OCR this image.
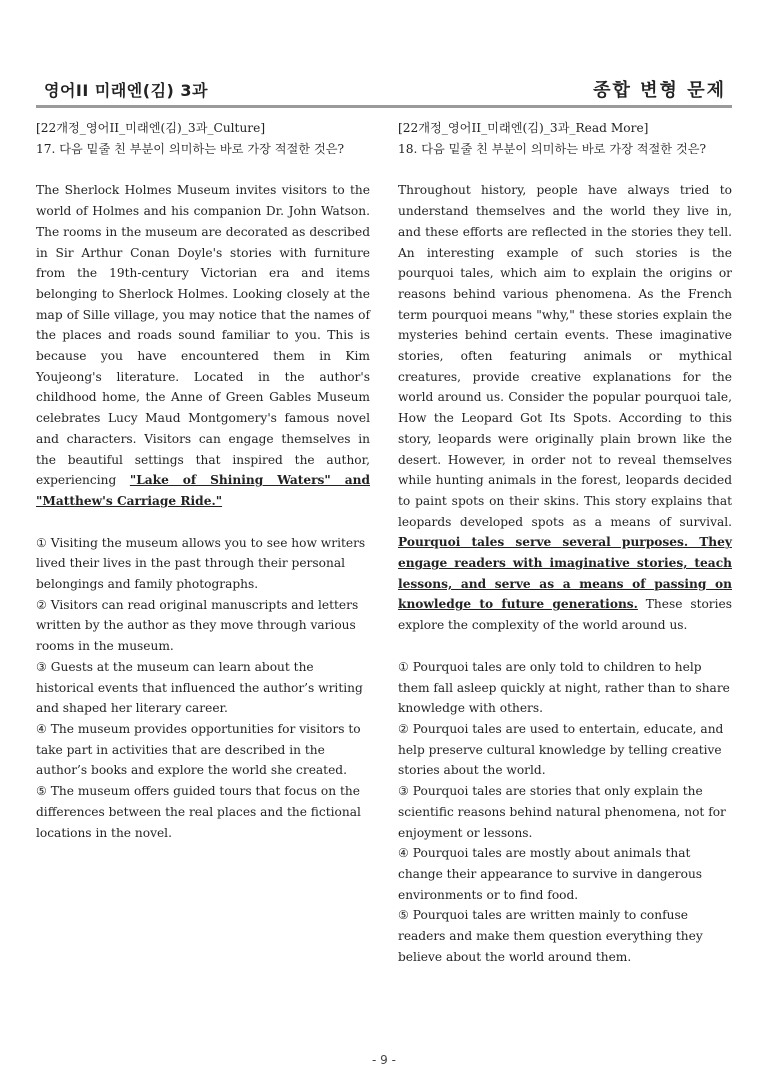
영어II 미래엔(김) 3과	종합 변형 문제

[22개정_영어II_미래엔(김)_3과_Culture]

17. 다음 밑줄 친 부분이 의미하는 바로 가장 적절한 것은?

The Sherlock Holmes Museum invites visitors to the world of Holmes and his companion Dr. John Watson. The rooms in the museum are decorated as described in Sir Arthur Conan Doyle's stories with furniture from the 19th-century Victorian era and items belonging to Sherlock Holmes. Looking closely at the map of Sille village, you may notice that the names of the places and roads sound familiar to you. This is because you have encountered them in Kim Youjeong's literature. Located in the author's childhood home, the Anne of Green Gables Museum celebrates Lucy Maud Montgomery's famous novel and characters. Visitors can engage themselves in the beautiful settings that inspired the author, experiencing "Lake of Shining Waters" and "Matthew's Carriage Ride."

① Visiting the museum allows you to see how writers lived their lives in the past through their personal belongings and family photographs.

② Visitors can read original manuscripts and letters written by the author as they move through various rooms in the museum.

③ Guests at the museum can learn about the historical events that influenced the author’s writing and shaped her literary career.

④ The museum provides opportunities for visitors to take part in activities that are described in the author’s books and explore the world she created.

⑤ The museum offers guided tours that focus on the differences between the real places and the fictional locations in the novel.

[22개정_영어II_미래엔(김)_3과_Read More]

18. 다음 밑줄 친 부분이 의미하는 바로 가장 적절한 것은?

Throughout history, people have always tried to understand themselves and the world they live in, and these efforts are reflected in the stories they tell. An interesting example of such stories is the pourquoi tales, which aim to explain the origins or reasons behind various phenomena. As the French term pourquoi means "why," these stories explain the mysteries behind certain events. These imaginative stories, often featuring animals or mythical creatures, provide creative explanations for the world around us. Consider the popular pourquoi tale, How the Leopard Got Its Spots. According to this story, leopards were originally plain brown like the desert. However, in order not to reveal themselves while hunting animals in the forest, leopards decided to paint spots on their skins. This story explains that leopards developed spots as a means of survival. Pourquoi tales serve several purposes. They engage readers with imaginative stories, teach lessons, and serve as a means of passing on knowledge to future generations. These stories explore the complexity of the world around us.

① Pourquoi tales are only told to children to help them fall asleep quickly at night, rather than to share knowledge with others.

② Pourquoi tales are used to entertain, educate, and help preserve cultural knowledge by telling creative stories about the world.

③ Pourquoi tales are stories that only explain the scientific reasons behind natural phenomena, not for enjoyment or lessons.

④ Pourquoi tales are mostly about animals that change their appearance to survive in dangerous environments or to find food.

⑤ Pourquoi tales are written mainly to confuse readers and make them question everything they believe about the world around them.

- 9 -
